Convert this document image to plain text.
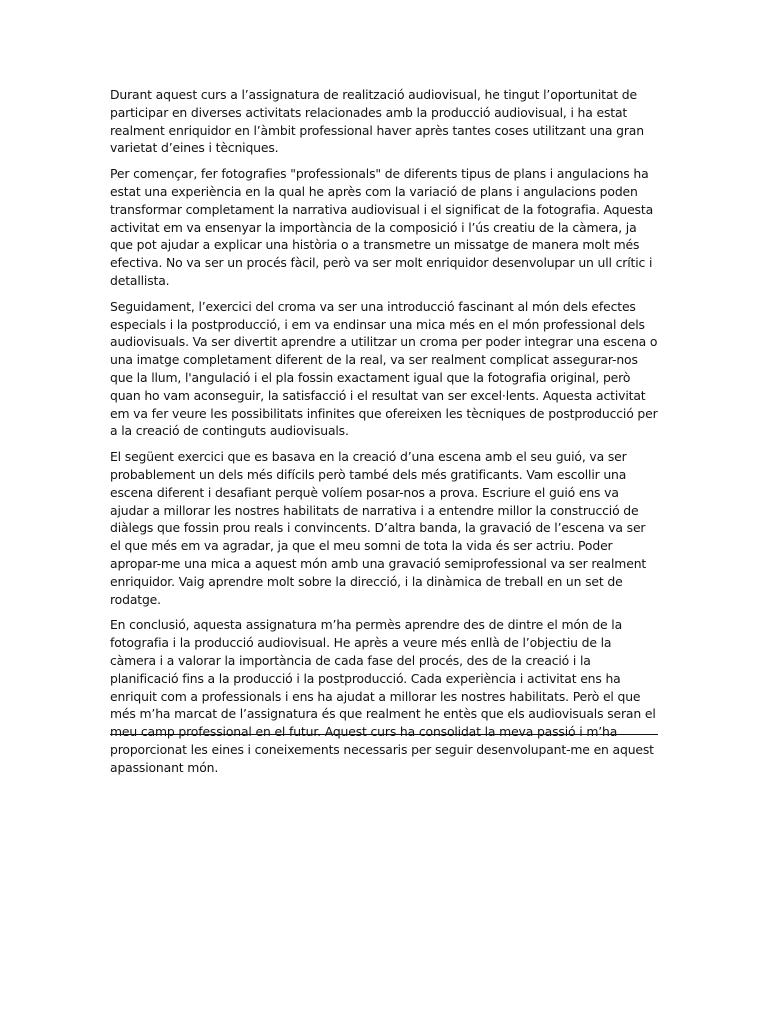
Durant aquest curs a l’assignatura de realització audiovisual, he tingut l’oportunitat de participar en diverses activitats relacionades amb la producció audiovisual, i ha estat realment enriquidor en l’àmbit professional haver après tantes coses utilitzant una gran varietat d’eines i tècniques.

Per començar, fer fotografies "professionals" de diferents tipus de plans i angulacions ha estat una experiència en la qual he après com la variació de plans i angulacions poden transformar completament la narrativa audiovisual i el significat de la fotografia. Aquesta activitat em va ensenyar la importància de la composició i l’ús creatiu de la càmera, ja que pot ajudar a explicar una història o a transmetre un missatge de manera molt més efectiva. No va ser un procés fàcil, però va ser molt enriquidor desenvolupar un ull crític i detallista.

Seguidament, l’exercici del croma va ser una introducció fascinant al món dels efectes especials i la postproducció, i em va endinsar una mica més en el món professional dels audiovisuals. Va ser divertit aprendre a utilitzar un croma per poder integrar una escena o una imatge completament diferent de la real, va ser realment complicat assegurar-nos que la llum, l'angulació i el pla fossin exactament igual que la fotografia original, però quan ho vam aconseguir, la satisfacció i el resultat van ser excel·lents. Aquesta activitat em va fer veure les possibilitats infinites que ofereixen les tècniques de postproducció per a la creació de continguts audiovisuals.

El següent exercici que es basava en la creació d’una escena amb el seu guió, va ser probablement un dels més difícils però també dels més gratificants. Vam escollir una escena diferent i desafiant perquè volíem posar-nos a prova. Escriure el guió ens va ajudar a millorar les nostres habilitats de narrativa i a entendre millor la construcció de diàlegs que fossin prou reals i convincents. D’altra banda, la gravació de l’escena va ser el que més em va agradar, ja que el meu somni de tota la vida és ser actriu. Poder apropar-me una mica a aquest món amb una gravació semiprofessional va ser realment enriquidor. Vaig aprendre molt sobre la direcció, i la dinàmica de treball en un set de rodatge.

En conclusió, aquesta assignatura m’ha permès aprendre des de dintre el món de la fotografia i la producció audiovisual. He après a veure més enllà de l’objectiu de la càmera i a valorar la importància de cada fase del procés, des de la creació i la planificació fins a la producció i la postproducció. Cada experiència i activitat ens ha enriquit com a professionals i ens ha ajudat a millorar les nostres habilitats. Però el que més m’ha marcat de l’assignatura és que realment he entès que els audiovisuals seran el meu camp professional en el futur. Aquest curs ha consolidat la meva passió i m’ha proporcionat les eines i coneixements necessaris per seguir desenvolupant-me en aquest apassionant món.
